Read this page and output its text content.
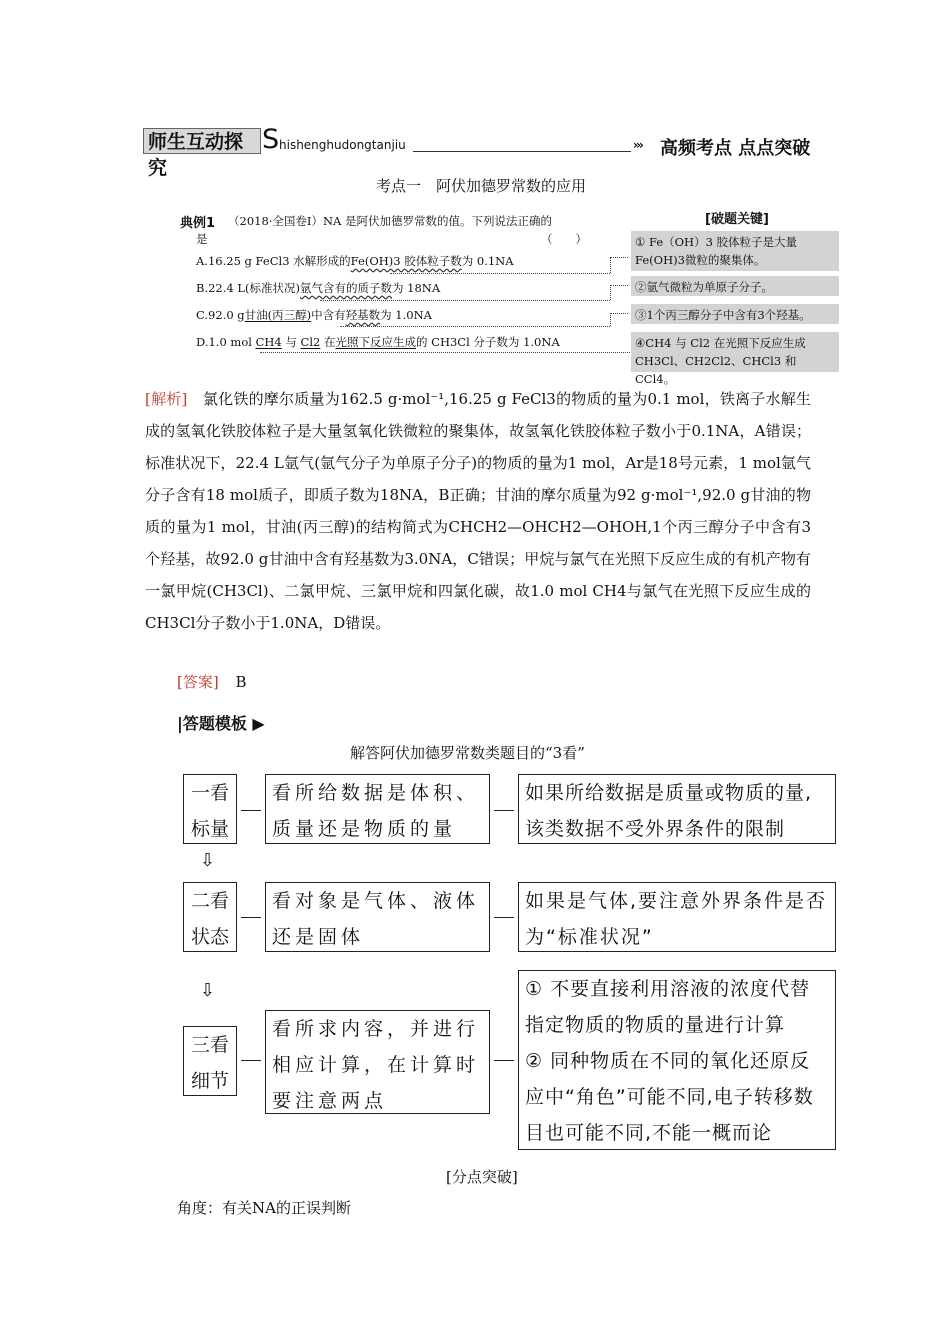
师生互动探究
S hishenghudongtanjiu	››› 高频考点 点点突破
考点一　阿伏加德罗常数的应用
典例1 （2018·全国卷Ⅰ）NA 是阿伏加德罗常数的值。下列说法正确的
是	（　　）
A.16.25 g FeCl3 水解形成的Fe(OH)3 胶体粒子数为 0.1NA
B.22.4 L(标准状况)氩气含有的质子数为 18NA
C.92.0 g甘油(丙三醇)中含有羟基数为 1.0NA
D.1.0 mol CH4 与 Cl2 在光照下反应生成的 CH3Cl 分子数为 1.0NA
[破题关键]
① Fe（OH）3 胶体粒子是大量Fe(OH)3微粒的聚集体。
②氩气微粒为单原子分子。
③1个丙三醇分子中含有3个羟基。
④CH4 与 Cl2 在光照下反应生成CH3Cl、CH2Cl2、CHCl3 和 CCl4。
[解析]　氯化铁的摩尔质量为162.5 g·mol⁻¹,16.25 g FeCl3的物质的量为0.1 mol，铁离子水解生成的氢氧化铁胶体粒子是大量氢氧化铁微粒的聚集体，故氢氧化铁胶体粒子数小于0.1NA，A错误；标准状况下，22.4 L氩气(氩气分子为单原子分子)的物质的量为1 mol，Ar是18号元素，1 mol氩气分子含有18 mol质子，即质子数为18NA，B正确；甘油的摩尔质量为92 g·mol⁻¹,92.0 g甘油的物质的量为1 mol，甘油(丙三醇)的结构简式为CHCH2—OHCH2—OHOH,1个丙三醇分子中含有3个羟基，故92.0 g甘油中含有羟基数为3.0NA，C错误；甲烷与氯气在光照下反应生成的有机产物有一氯甲烷(CH3Cl)、二氯甲烷、三氯甲烷和四氯化碳，故1.0 mol CH4与氯气在光照下反应生成的CH3Cl分子数小于1.0NA，D错误。
[答案] B
|答题模板 ▶
解答阿伏加德罗常数类题目的“3看”
一看标量
二看状态
三看细节
看所给数据是体积、质量还是物质的量
看对象是气体、液体还是固体
看所求内容，并进行相应计算，在计算时要注意两点
如果所给数据是质量或物质的量,该类数据不受外界条件的限制
如果是气体,要注意外界条件是否为“标准状况”
① 不要直接利用溶液的浓度代替指定物质的物质的量进行计算
② 同种物质在不同的氧化还原反应中“角色”可能不同,电子转移数目也可能不同,不能一概而论
⇩
⇩
[分点突破]
角度：有关NA的正误判断
